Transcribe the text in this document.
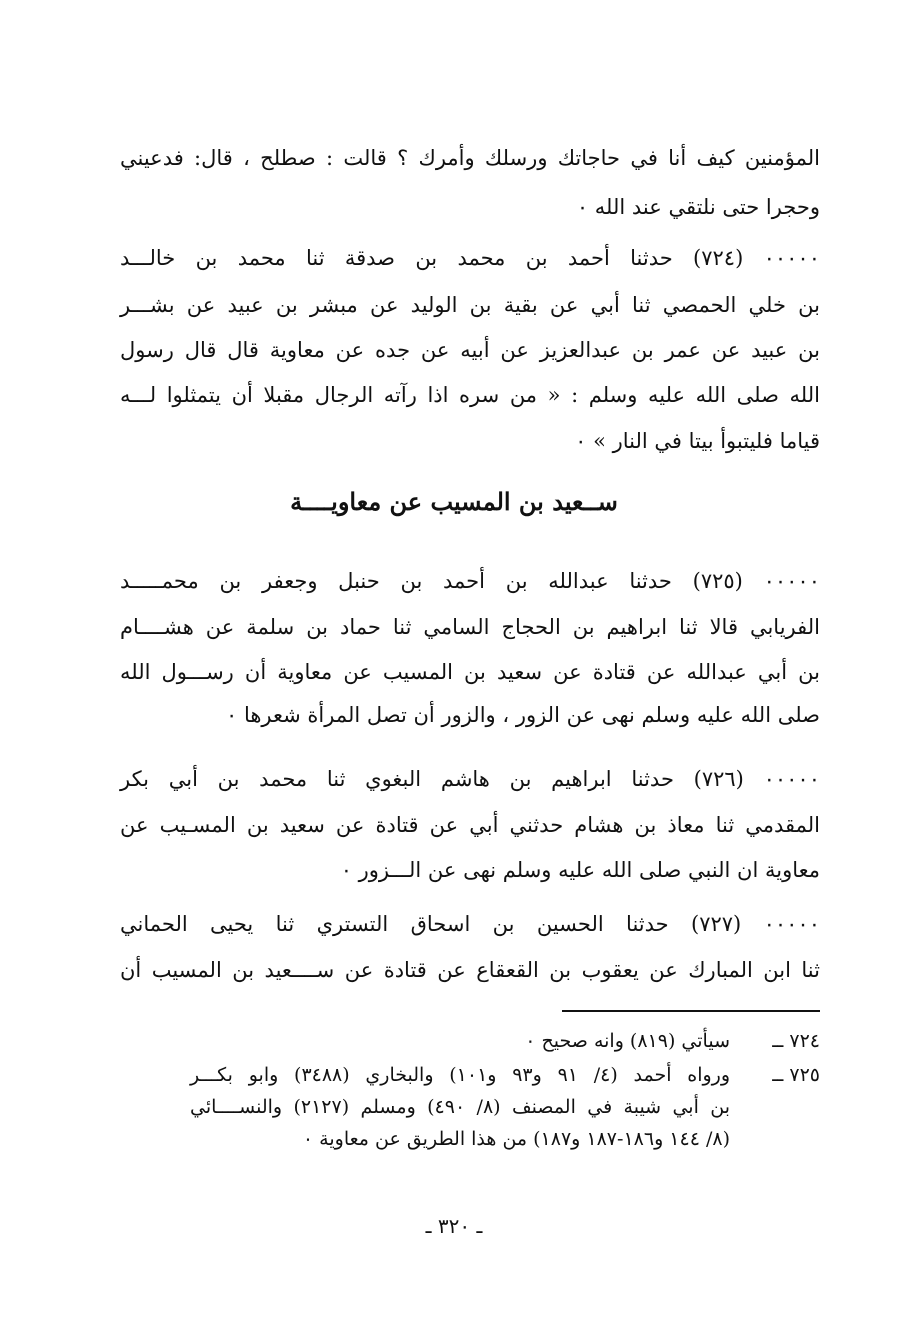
المؤمنين كيف أنا في حاجاتك ورسلك وأمرك ؟ قالت : صطلح ، قال: فدعيني
وحجرا حتى نلتقي عند الله ٠
٠٠٠٠٠ (٧٢٤) حدثنا أحمد بن محمد بن صدقة ثنا محمد بن خالـــد
بن خلي الحمصي ثنا أبي عن بقية بن الوليد عن مبشر بن عبيد عن بشـــر
بن عبيد عن عمر بن عبدالعزيز عن أبيه عن جده عن معاوية قال قال رسول
الله صلى الله عليه وسلم : « من سره اذا رآته الرجال مقبلا أن يتمثلوا لـــه
قياما فليتبوأ بيتا في النار » ٠
ســعيد بن المسيب عن معاويــــة
٠٠٠٠٠ (٧٢٥) حدثنا عبدالله بن أحمد بن حنبل وجعفر بن محمـــــد
الفريابي قالا ثنا ابراهيم بن الحجاج السامي ثنا حماد بن سلمة عن هشــــام
بن أبي عبدالله عن قتادة عن سعيد بن المسيب عن معاوية أن رســـول الله
صلى الله عليه وسلم نهى عن الزور ، والزور أن تصل المرأة شعرها ٠
٠٠٠٠٠ (٧٢٦) حدثنا ابراهيم بن هاشم البغوي ثنا محمد بن أبي بكر
المقدمي ثنا معاذ بن هشام حدثني أبي عن قتادة عن سعيد بن المسـيب عن
معاوية ان النبي صلى الله عليه وسلم نهى عن الـــزور ٠
٠٠٠٠٠ (٧٢٧) حدثنا الحسين بن اسحاق التستري ثنا يحيى الحماني
ثنا ابن المبارك عن يعقوب بن القعقاع عن قتادة عن ســــعيد بن المسيب أن
٧٢٤ ــ
سيأتي (٨١٩) وانه صحيح ٠
٧٢٥ ــ
ورواه أحمد (٤/ ٩١ و٩٣ و١٠١) والبخاري (٣٤٨٨) وابو بكـــر
بن أبي شيبة في المصنف (٨/ ٤٩٠) ومسلم (٢١٢٧) والنســــائي
(٨/ ١٤٤ و١٨٦-١٨٧ و١٨٧) من هذا الطريق عن معاوية ٠
ـ ٣٢٠ ـ
